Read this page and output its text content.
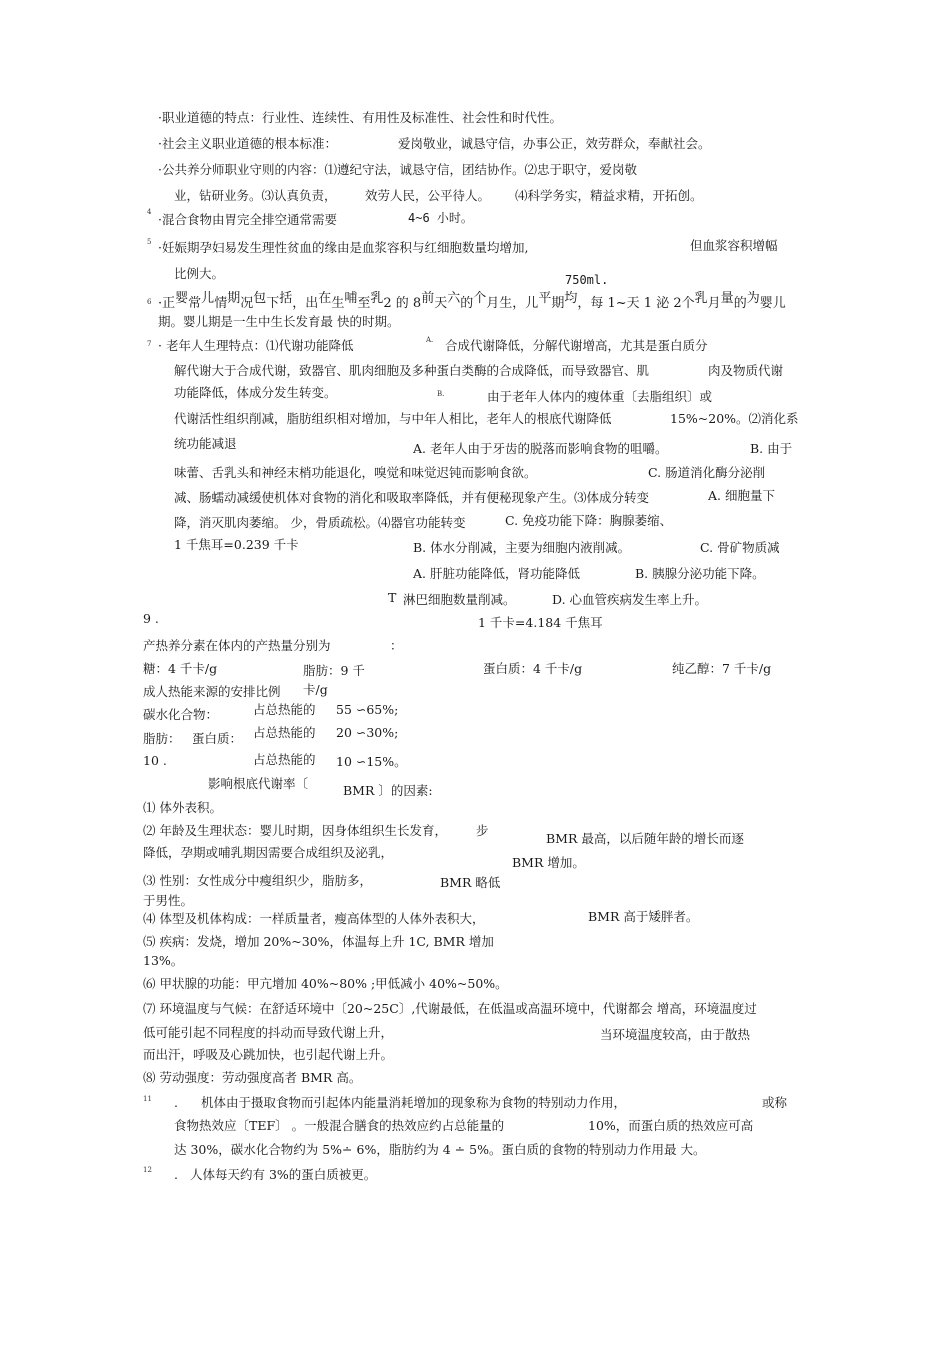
·职业道德的特点：行业性、连续性、有用性及标准性、社会性和时代性。
·社会主义职业道德的根本标准：	爱岗敬业，诚恳守信，办事公正，效劳群众，奉献社会。
·公共养分师职业守则的内容：⑴遵纪守法，诚恳守信，团结协作。⑵忠于职守，爱岗敬
业，钻研业务。⑶认真负责， 效劳人民，公平待人。 ⑷科学务实，精益求精，开拓创。
4 ·混合食物由胃完全排空通常需要	4~6 小时。
5 ·妊娠期孕妇易发生理性贫血的缘由是血浆容积与红细胞数量均增加,	但血浆容积增幅
比例大。	750ml.
6 ·正婴常儿情期况包下括，出在生哺至乳2 的 8前天六的个月生，儿平期均，每 1~天 1 泌 2个乳月量的为婴儿
期。婴儿期是一生中生长发育最 快的时期。
7 · 老年人生理特点：⑴代谢功能降低	A. 合成代谢降低，分解代谢增高，尤其是蛋白质分
解代谢大于合成代谢，致器官、肌肉细胞及多种蛋白类酶的合成降低，而导致器官、肌	肉及物质代谢
功能降低，体成分发生转变。	B.	由于老年人体内的瘦体重〔去脂组织〕或
代谢活性组织削减，脂肪组织相对增加，与中年人相比，老年人的根底代谢降低	15%~20%。⑵消化系
统功能减退	A. 老年人由于牙齿的脱落而影响食物的咀嚼。	B. 由于
味蕾、舌乳头和神经末梢功能退化，嗅觉和味觉迟钝而影响食欲。	C. 肠道消化酶分泌削
减、肠蠕动减缓使机体对食物的消化和吸取率降低，并有便秘现象产生。⑶体成分转变	A. 细胞量下
降，消灭肌肉萎缩。 少，骨质疏松。⑷器官功能转变	C. 免疫功能下降：胸腺萎缩、
1 千焦耳=0.239 千卡	B. 体水分削减，主要为细胞内液削减。	C. 骨矿物质减
A. 肝脏功能降低，肾功能降低	B. 胰腺分泌功能下降。
T 淋巴细胞数量削减。	D. 心血管疾病发生率上升。
9 .	1 千卡=4.184 千焦耳
产热养分素在体内的产热量分别为	：
糖：4 千卡/g	脂肪：9 千	蛋白质：4 千卡/g	纯乙醇：7 千卡/g
成人热能来源的安排比例 卡/g
碳水化合物：	占总热能的 55 ∽65%;
脂肪： 蛋白质： 占总热能的 20 ∽30%;
10 .	占总热能的 10 ∽15%。
影响根底代谢率〔	BMR 〕的因素:
⑴ 体外表积。
⑵ 年龄及生理状态：婴儿时期，因身体组织生长发育， 步
BMR 最高，以后随年龄的增长而逐
降低，孕期或哺乳期因需要合成组织及泌乳，
BMR 增加。
⑶ 性别：女性成分中瘦组织少，脂肪多，	BMR 略低
于男性。
⑷ 体型及机体构成：一样质量者，瘦高体型的人体外表积大，	BMR 高于矮胖者。
⑸ 疾病：发烧，增加 20%~30%，体温每上升 1C, BMR 增加
13%。
⑹ 甲状腺的功能：甲亢增加 40%~80% ;甲低减小 40%~50%。
⑺ 环境温度与气候：在舒适环境中〔20~25C〕,代谢最低，在低温或高温环境中，代谢都会 增高，环境温度过
低可能引起不同程度的抖动而导致代谢上升，	当环境温度较高，由于散热
而出汗，呼吸及心跳加快，也引起代谢上升。
⑻ 劳动强度：劳动强度高者 BMR 高。
11 . 机体由于摄取食物而引起体内能量消耗增加的现象称为食物的特别动力作用，	或称
食物热效应〔TEF〕 。一般混合膳食的热效应约占总能量的	10%，而蛋白质的热效应可高
达 30%，碳水化合物约为 5%∸ 6%，脂肪约为 4 ∸ 5%。蛋白质的食物的特别动力作用最 大。
12 . 人体每天约有 3%的蛋白质被更。
